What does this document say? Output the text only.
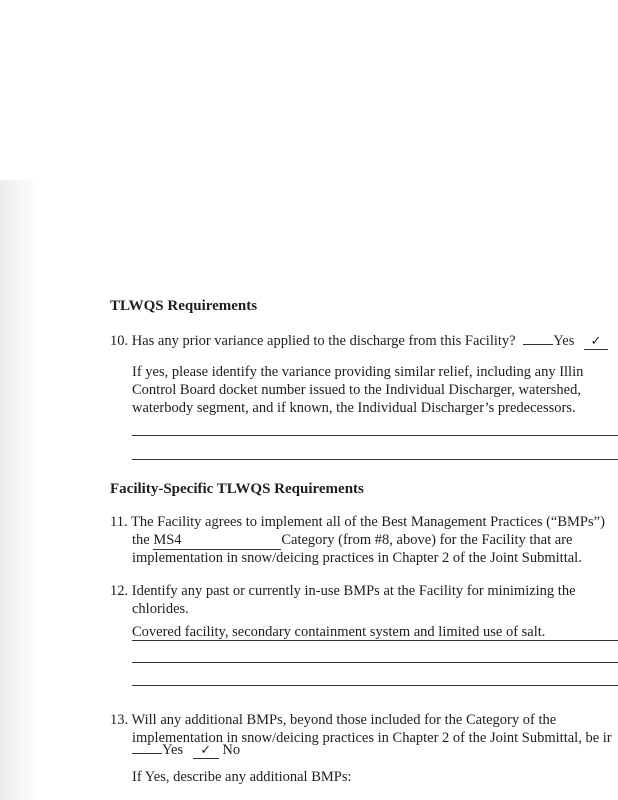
TLWQS Requirements
10. Has any prior variance applied to the discharge from this Facility?	Yes ✓
If yes, please identify the variance providing similar relief, including any Illin
Control Board docket number issued to the Individual Discharger, watershed,
waterbody segment, and if known, the Individual Discharger’s predecessors.
Facility-Specific TLWQS Requirements
11. The Facility agrees to implement all of the Best Management Practices (“BMPs”)
the MS4	Category (from #8, above) for the Facility that are
implementation in snow/deicing practices in Chapter 2 of the Joint Submittal.
12. Identify any past or currently in-use BMPs at the Facility for minimizing the
chlorides.
Covered facility, secondary containment system and limited use of salt.
13. Will any additional BMPs, beyond those included for the Category of the
implementation in snow/deicing practices in Chapter 2 of the Joint Submittal, be ir
Yes ✓ No
If Yes, describe any additional BMPs:
